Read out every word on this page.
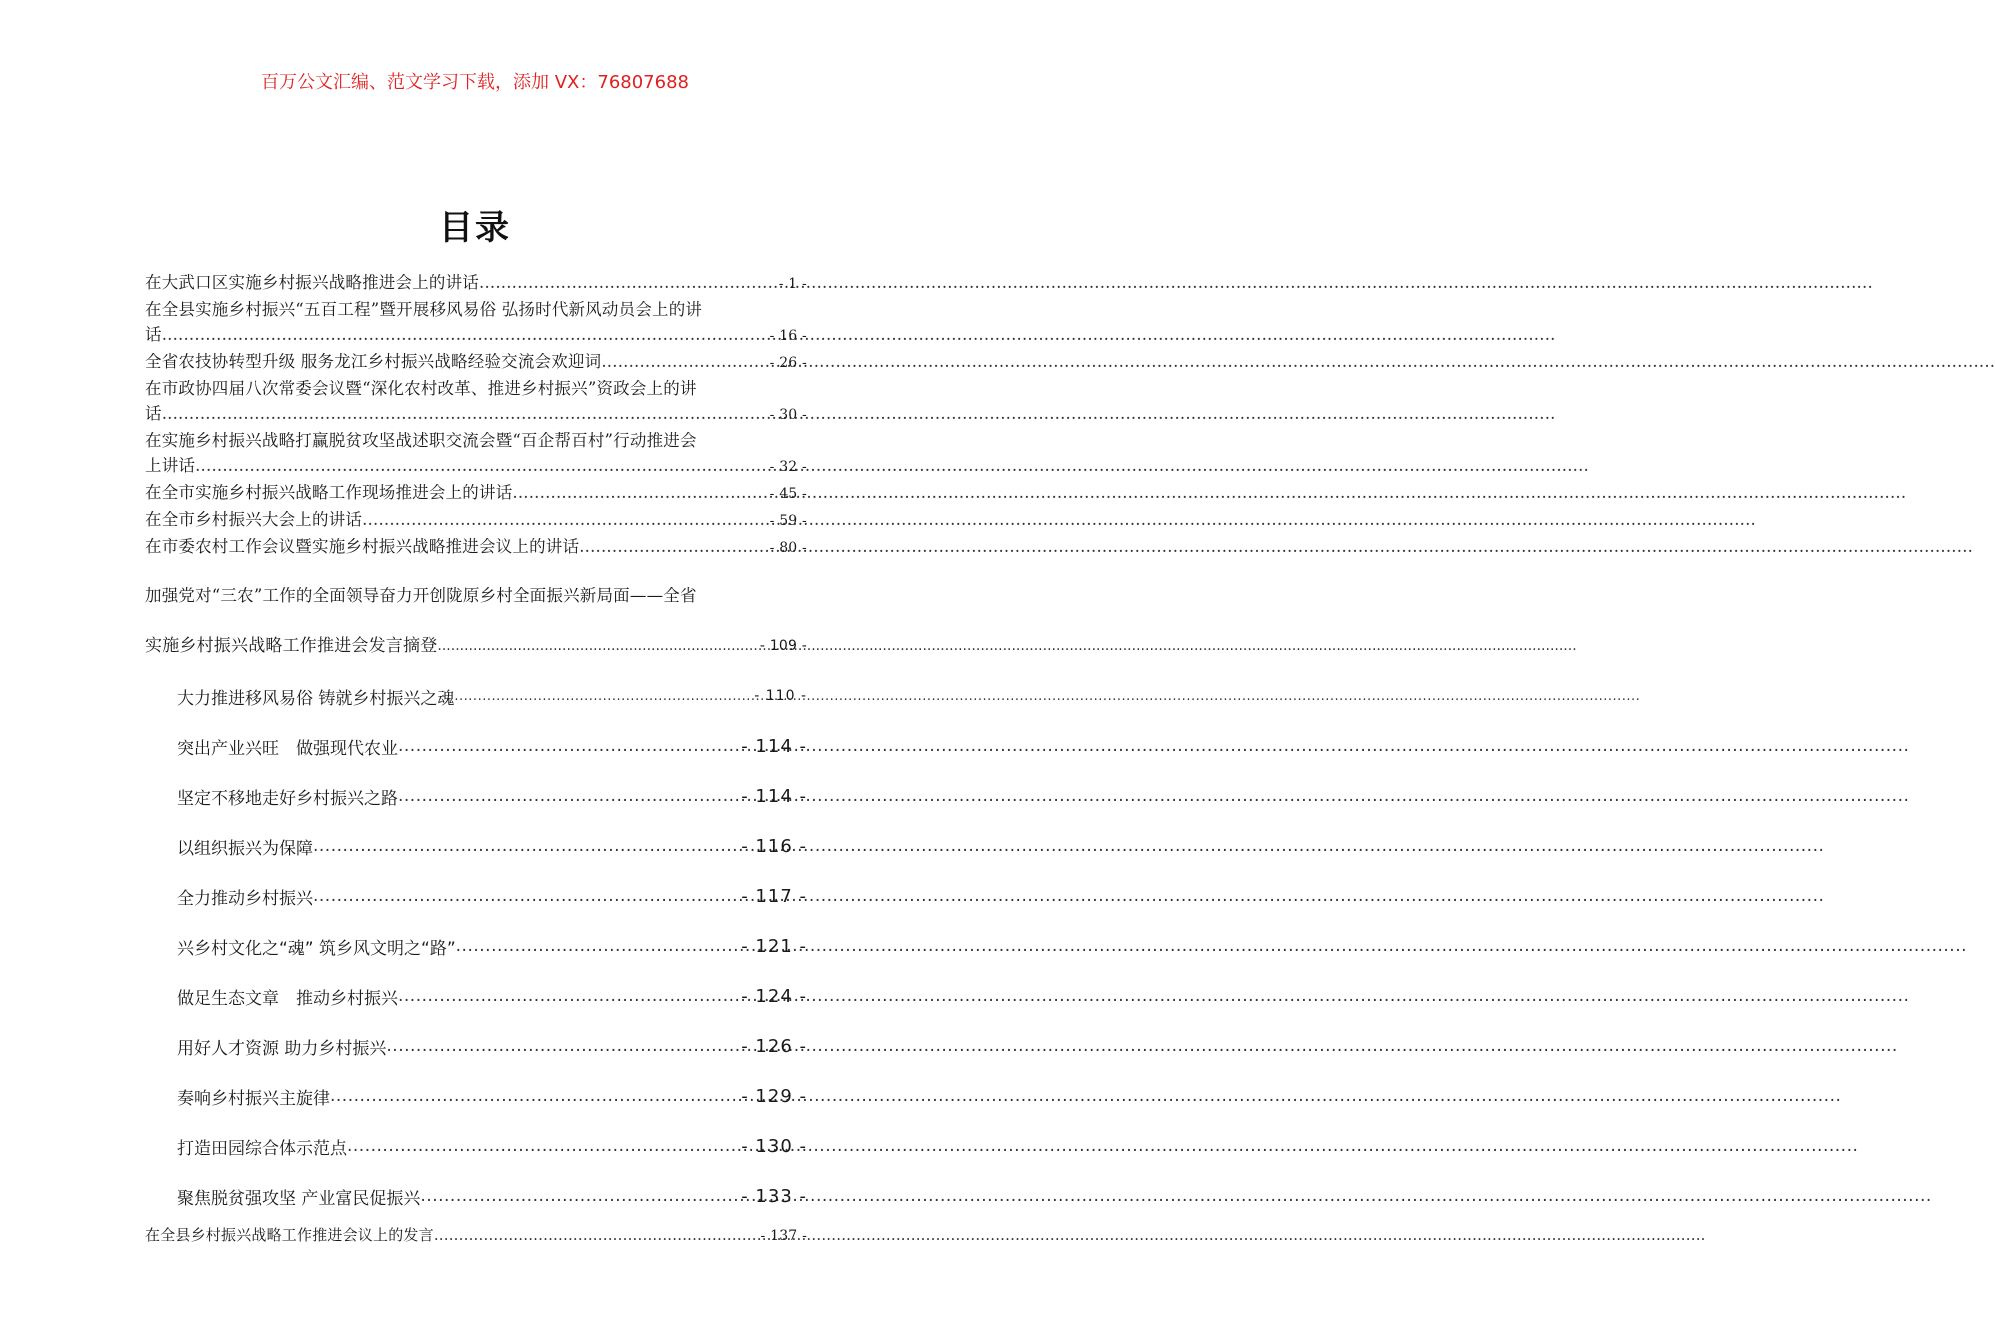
百万公文汇编、范文学习下载，添加 VX：76807688
目录
在大武口区实施乡村振兴战略推进会上的讲话 .....	- 1 -
在全县实施乡村振兴“五百工程”暨开展移风易俗 弘扬时代新风动员会上的讲
话 .....	- 16 -
全省农技协转型升级 服务龙江乡村振兴战略经验交流会欢迎词 .....	- 26 -
在市政协四届八次常委会议暨“深化农村改革、推进乡村振兴”资政会上的讲
话 .....	- 30 -
在实施乡村振兴战略打赢脱贫攻坚战述职交流会暨“百企帮百村”行动推进会
上讲话 .....	- 32 -
在全市实施乡村振兴战略工作现场推进会上的讲话 .....	- 45 -
在全市乡村振兴大会上的讲话 .....	- 59 -
在市委农村工作会议暨实施乡村振兴战略推进会议上的讲话 .....	- 80 -
加强党对“三农”工作的全面领导奋力开创陇原乡村全面振兴新局面——全省
实施乡村振兴战略工作推进会发言摘登 .....	- 109 -
大力推进移风易俗 铸就乡村振兴之魂 .....	- 110 -
突出产业兴旺　做强现代农业 .....	- 114 -
坚定不移地走好乡村振兴之路 .....	- 114 -
以组织振兴为保障 .....	- 116 -
全力推动乡村振兴 .....	- 117 -
兴乡村文化之“魂” 筑乡风文明之“路” .....	- 121 -
做足生态文章　推动乡村振兴 .....	- 124 -
用好人才资源 助力乡村振兴 .....	- 126 -
奏响乡村振兴主旋律 .....	- 129 -
打造田园综合体示范点 .....	- 130 -
聚焦脱贫强攻坚 产业富民促振兴 .....	- 133 -
在全县乡村振兴战略工作推进会议上的发言 .....	- 137 -
